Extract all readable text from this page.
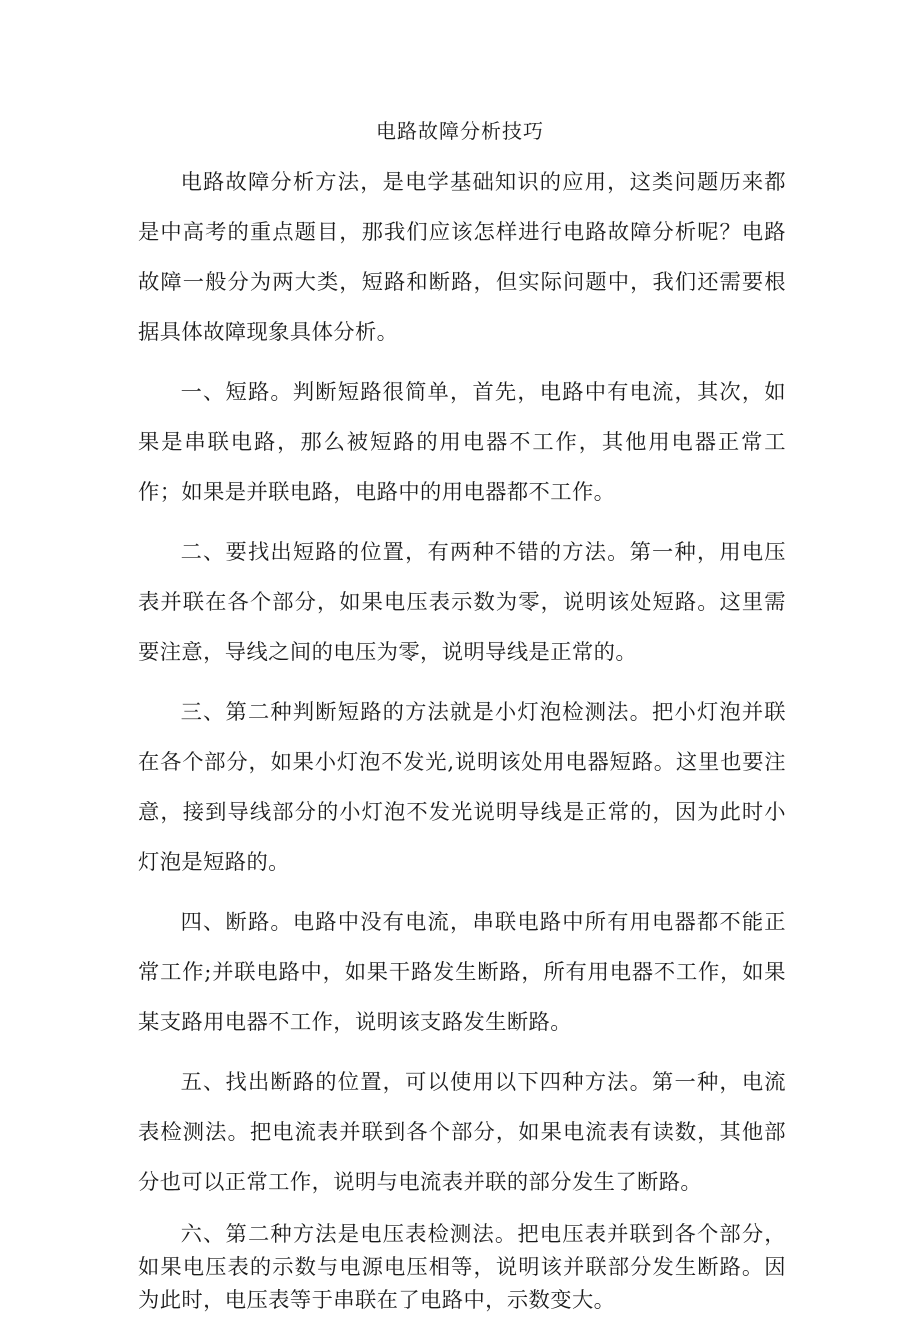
电路故障分析技巧

电路故障分析方法，是电学基础知识的应用，这类问题历来都是中高考的重点题目，那我们应该怎样进行电路故障分析呢？电路故障一般分为两大类，短路和断路，但实际问题中，我们还需要根据具体故障现象具体分析。

一、短路。判断短路很简单，首先，电路中有电流，其次，如果是串联电路，那么被短路的用电器不工作，其他用电器正常工作；如果是并联电路，电路中的用电器都不工作。

二、要找出短路的位置，有两种不错的方法。第一种，用电压表并联在各个部分，如果电压表示数为零，说明该处短路。这里需要注意，导线之间的电压为零，说明导线是正常的。

三、第二种判断短路的方法就是小灯泡检测法。把小灯泡并联在各个部分，如果小灯泡不发光,说明该处用电器短路。这里也要注意，接到导线部分的小灯泡不发光说明导线是正常的，因为此时小灯泡是短路的。

四、断路。电路中没有电流，串联电路中所有用电器都不能正常工作;并联电路中，如果干路发生断路，所有用电器不工作，如果某支路用电器不工作，说明该支路发生断路。

五、找出断路的位置，可以使用以下四种方法。第一种，电流表检测法。把电流表并联到各个部分，如果电流表有读数，其他部分也可以正常工作，说明与电流表并联的部分发生了断路。

六、第二种方法是电压表检测法。把电压表并联到各个部分，如果电压表的示数与电源电压相等，说明该并联部分发生断路。因为此时，电压表等于串联在了电路中，示数变大。
